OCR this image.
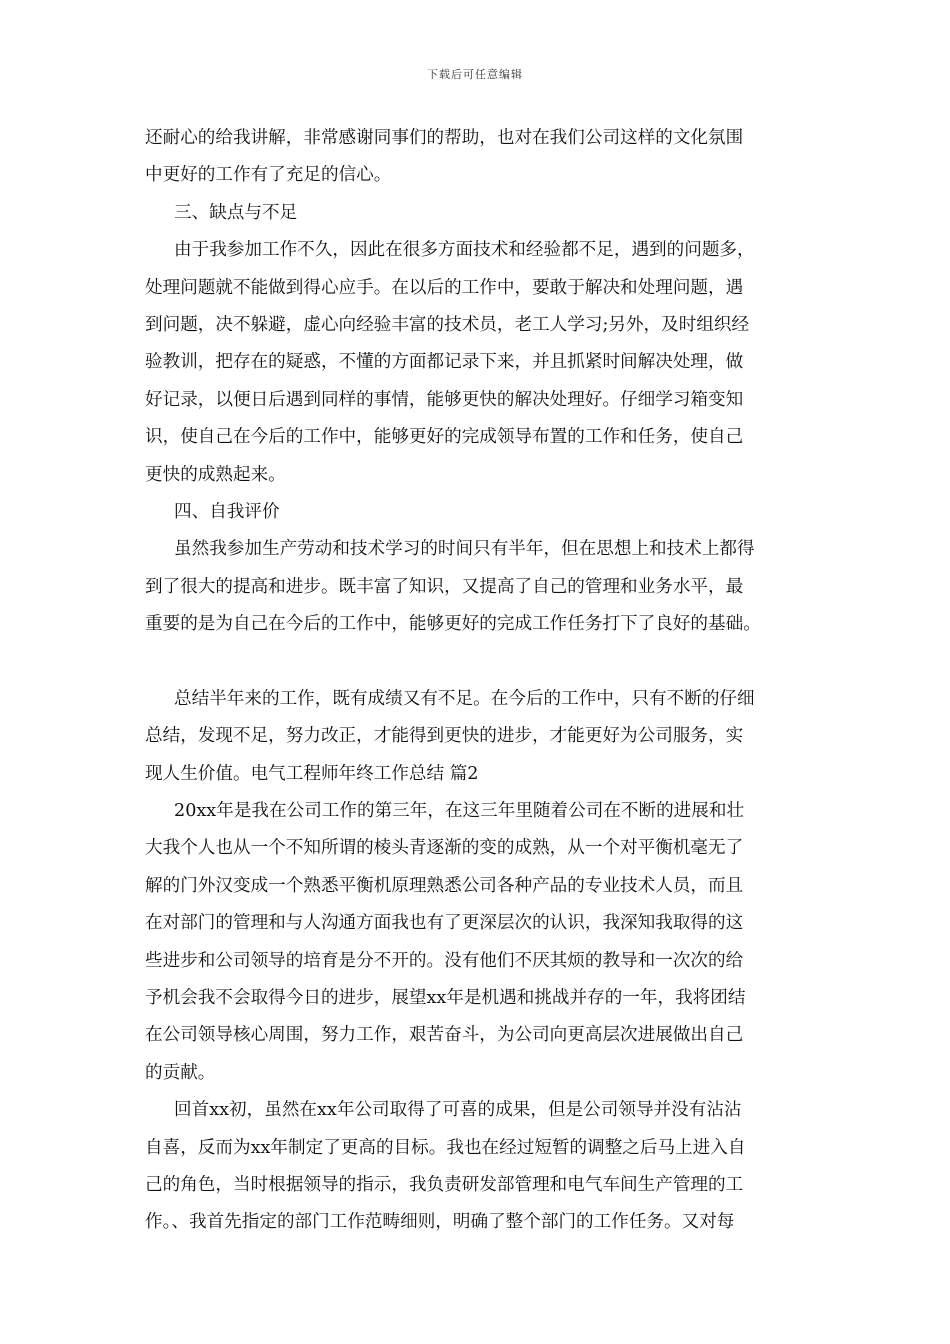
下载后可任意编辑
还耐心的给我讲解，非常感谢同事们的帮助，也对在我们公司这样的文化氛围
中更好的工作有了充足的信心。
三、缺点与不足
由于我参加工作不久，因此在很多方面技术和经验都不足，遇到的问题多，
处理问题就不能做到得心应手。在以后的工作中，要敢于解决和处理问题，遇
到问题，决不躲避，虚心向经验丰富的技术员，老工人学习;另外，及时组织经
验教训，把存在的疑惑，不懂的方面都记录下来，并且抓紧时间解决处理，做
好记录，以便日后遇到同样的事情，能够更快的解决处理好。仔细学习箱变知
识，使自己在今后的工作中，能够更好的完成领导布置的工作和任务，使自己
更快的成熟起来。
四、自我评价
虽然我参加生产劳动和技术学习的时间只有半年，但在思想上和技术上都得
到了很大的提高和进步。既丰富了知识，又提高了自己的管理和业务水平，最
重要的是为自己在今后的工作中，能够更好的完成工作任务打下了良好的基础。
总结半年来的工作，既有成绩又有不足。在今后的工作中，只有不断的仔细
总结，发现不足，努力改正，才能得到更快的进步，才能更好为公司服务，实
现人生价值。电气工程师年终工作总结 篇2
20xx年是我在公司工作的第三年，在这三年里随着公司在不断的进展和壮
大我个人也从一个不知所谓的棱头青逐渐的变的成熟，从一个对平衡机毫无了
解的门外汉变成一个熟悉平衡机原理熟悉公司各种产品的专业技术人员，而且
在对部门的管理和与人沟通方面我也有了更深层次的认识，我深知我取得的这
些进步和公司领导的培育是分不开的。没有他们不厌其烦的教导和一次次的给
予机会我不会取得今日的进步，展望xx年是机遇和挑战并存的一年，我将团结
在公司领导核心周围，努力工作，艰苦奋斗，为公司向更高层次进展做出自己
的贡献。
回首xx初，虽然在xx年公司取得了可喜的成果，但是公司领导并没有沾沾
自喜，反而为xx年制定了更高的目标。我也在经过短暂的调整之后马上进入自
己的角色，当时根据领导的指示，我负责研发部管理和电气车间生产管理的工
作。、我首先指定的部门工作范畴细则，明确了整个部门的工作任务。又对每
